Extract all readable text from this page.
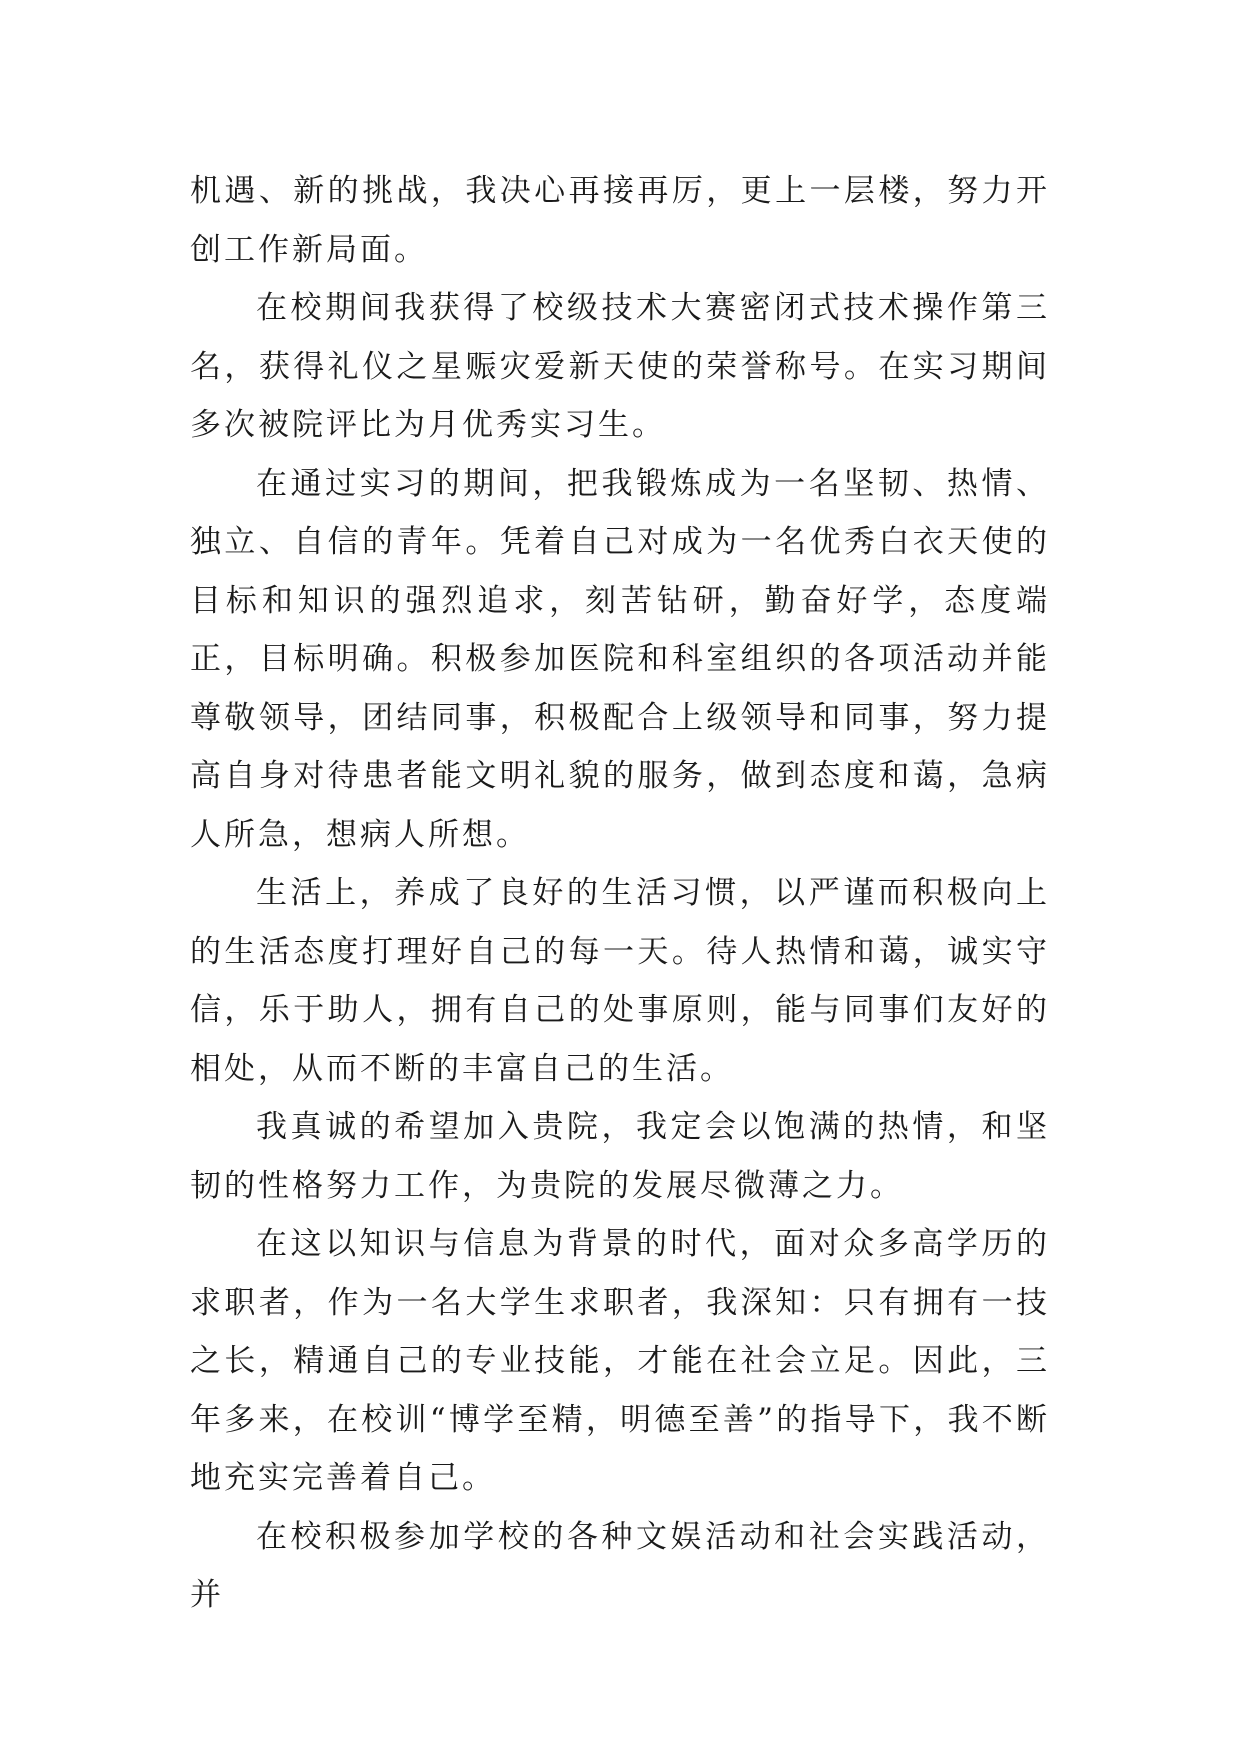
机遇、新的挑战，我决心再接再厉，更上一层楼，努力开创工作新局面。

在校期间我获得了校级技术大赛密闭式技术操作第三名，获得礼仪之星赈灾爱新天使的荣誉称号。在实习期间多次被院评比为月优秀实习生。

在通过实习的期间，把我锻炼成为一名坚韧、热情、独立、自信的青年。凭着自己对成为一名优秀白衣天使的目标和知识的强烈追求，刻苦钻研，勤奋好学，态度端正，目标明确。积极参加医院和科室组织的各项活动并能尊敬领导，团结同事，积极配合上级领导和同事，努力提高自身对待患者能文明礼貌的服务，做到态度和蔼，急病人所急，想病人所想。

生活上，养成了良好的生活习惯，以严谨而积极向上的生活态度打理好自己的每一天。待人热情和蔼，诚实守信，乐于助人，拥有自己的处事原则，能与同事们友好的相处，从而不断的丰富自己的生活。

我真诚的希望加入贵院，我定会以饱满的热情，和坚韧的性格努力工作，为贵院的发展尽微薄之力。

在这以知识与信息为背景的时代，面对众多高学历的求职者，作为一名大学生求职者，我深知：只有拥有一技之长，精通自己的专业技能，才能在社会立足。因此，三年多来，在校训“博学至精，明德至善”的指导下，我不断地充实完善着自己。

在校积极参加学校的各种文娱活动和社会实践活动，并
